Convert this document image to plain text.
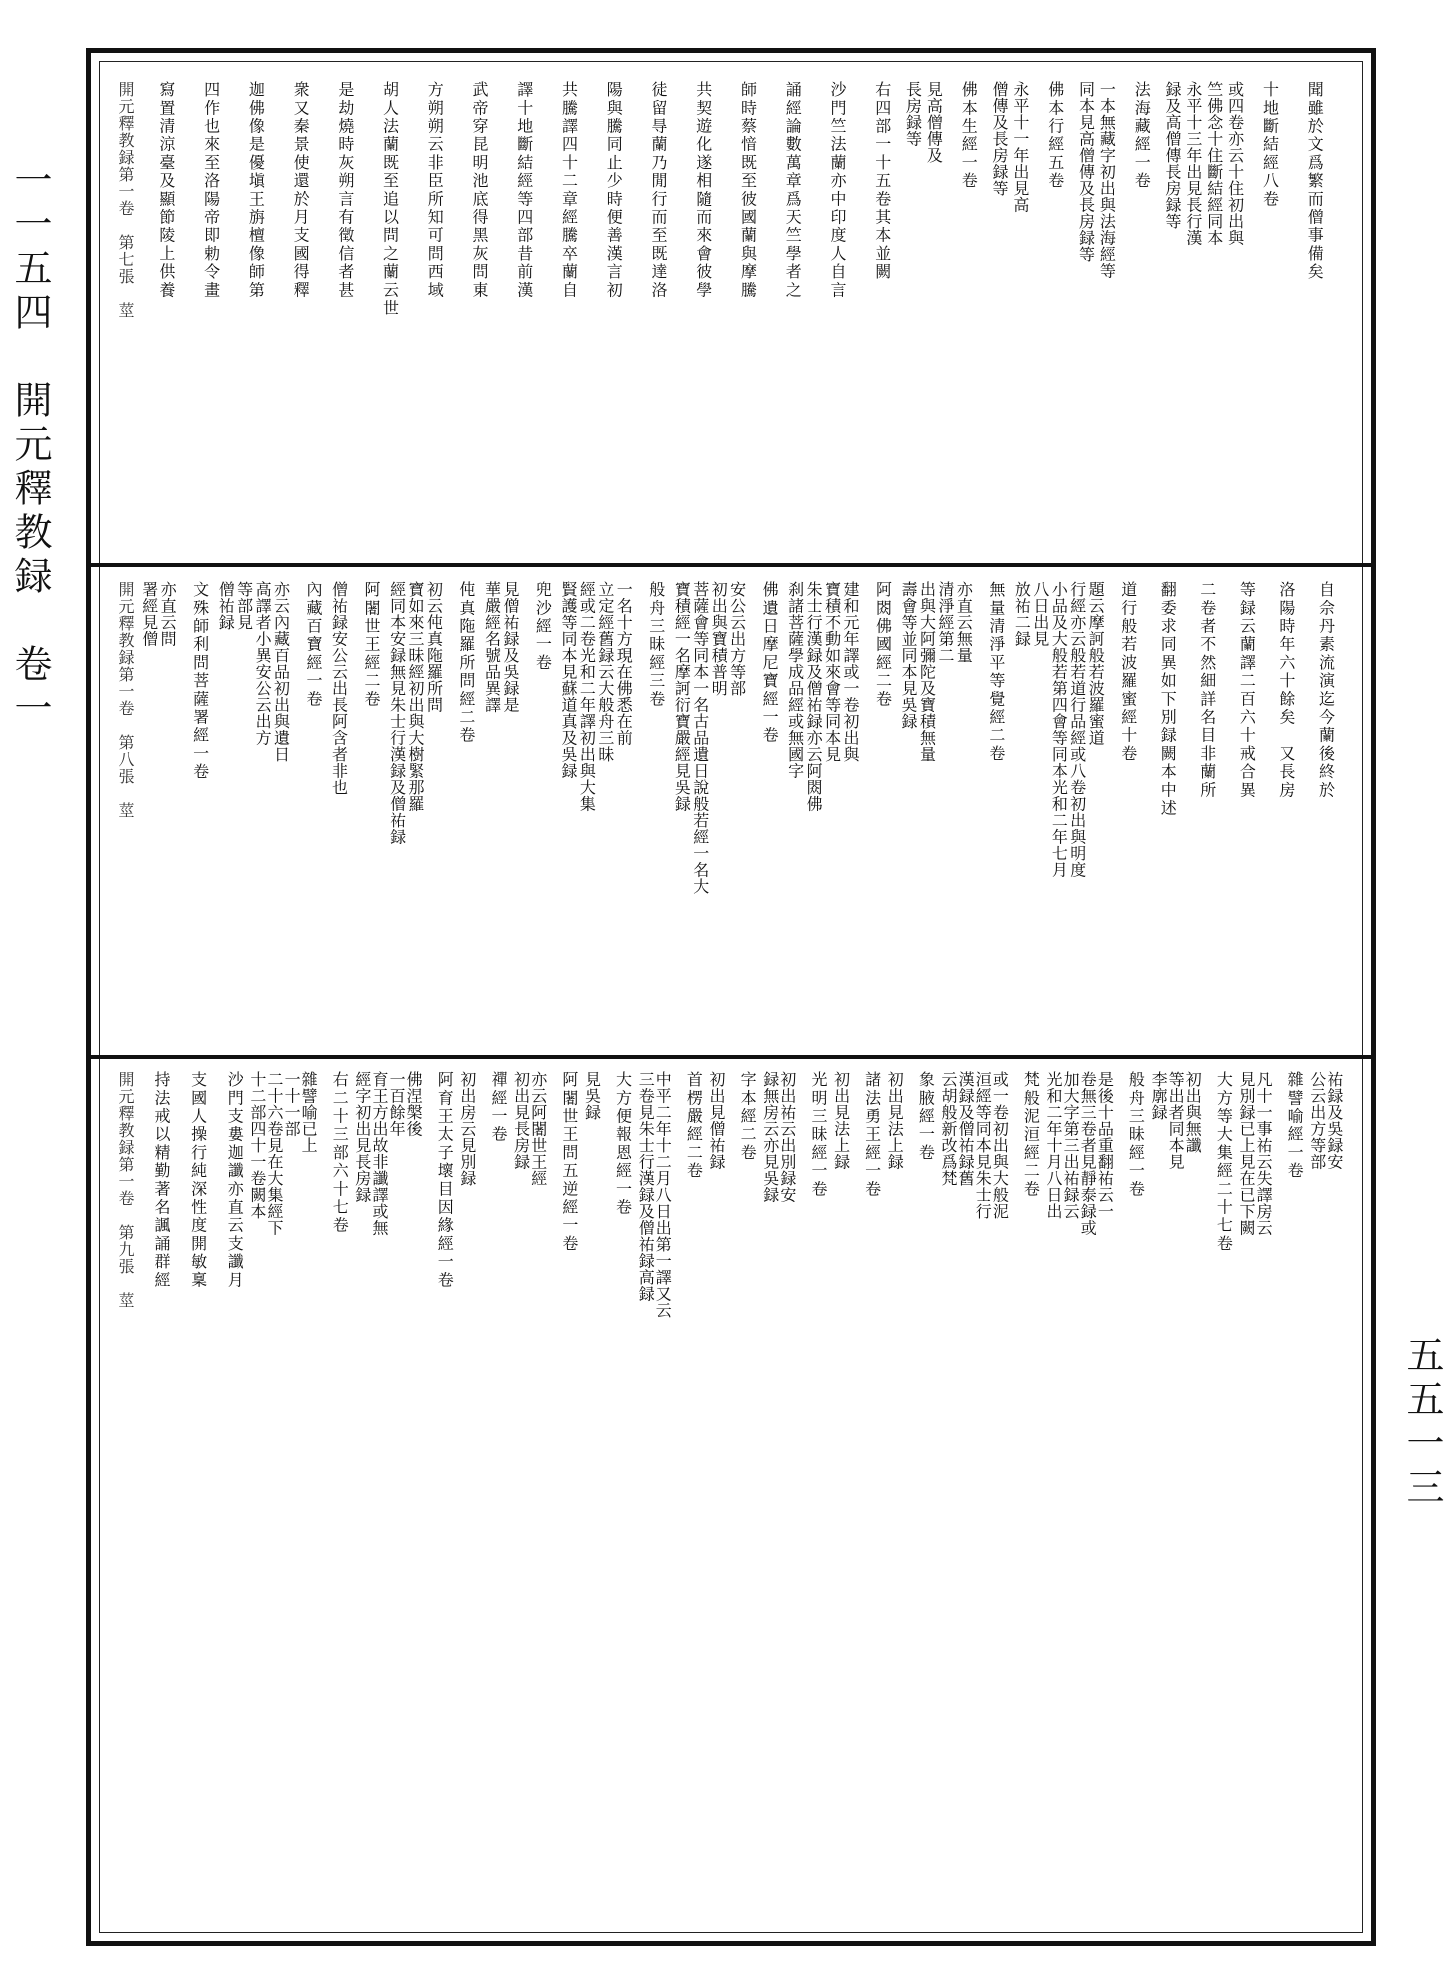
一一五四　開元釋教録　卷一
五五一三
聞雖於文爲繁而僧事備矣
十地斷結經八卷
或四卷亦云十住初出與
竺佛念十住斷結經同本
永平十三年出見長行漢
録及高僧傳長房録等
法海藏經一卷
一本無藏字初出與法海經等
同本見高僧傳及長房録等
佛本行經五卷
永平十一年出見高
僧傳及長房録等
佛本生經一卷
見高僧傳及
長房録等
右四部一十五卷其本並闕
沙門竺法蘭亦中印度人自言
誦經論數萬章爲天竺學者之
師時蔡愔既至彼國蘭與摩騰
共契遊化遂相隨而來會彼學
徒留㝵蘭乃閒行而至既達洛
陽與騰同止少時便善漢言初
共騰譯四十二章經騰卒蘭自
譯十地斷結經等四部昔前漢
武帝穿昆明池底得黑灰問東
方朔朔云非臣所知可問西域
胡人法蘭既至追以問之蘭云世
是劫燒時灰朔言有徵信者甚
衆又秦景使還於月支國得釋
迦佛像是優塡王旃檀像師第
四作也來至洛陽帝即勅令畫
寫置清涼臺及顯節陵上供養
開元釋教録第一卷　第七張　莖
自佘丹素流演迄今蘭後終於
洛陽時年六十餘矣　又長房
等録云蘭譯二百六十戒合異
二卷者不然細詳名目非蘭所
翻委求同異如下別録闕本中述
道行般若波羅蜜經十卷
題云摩訶般若波羅蜜道
行經亦云般若道行品經或八卷初出與明度
小品及大般若第四會等同本光和二年七月
八日出見
放祐二録
無量清淨平等覺經二卷
亦直云無量
清淨經第二
出與大阿彌陀及寶積無量
壽會等並同本見吳録
阿閦佛國經二卷
建和元年譯或一卷初出與
寶積不動如來會等同本見
朱士行漢録及僧祐録亦云阿閦佛
刹諸菩薩學成品經或無國字
佛遺日摩尼寶經一卷
安公云出方等部
初出與寶積普明
菩薩會等同本一名古品遺日說般若經一名大
寶積經一名摩訶衍寶嚴經見吳録
般舟三昧經三卷
一名十方現在佛悉在前
立定經舊録云大般舟三昧
經或二卷光和二年譯初出與大集
賢護等同本見蘇道真及吳録
兜沙經一卷
見僧祐録及吳録是
華嚴經名號品異譯
伅真陁羅所問經二卷
初云伅真陁羅所問
寶如來三昧經初出與大樹緊那羅
經同本安録無見朱士行漢録及僧祐録
阿闍世王經二卷
僧祐録安公云出長阿含者非也
內藏百寶經一卷
亦云內藏百品初出與遺日
高譯者小異安公云出方
等部見
僧祐録
文殊師利問菩薩署經一卷
亦直云問
署經見僧
開元釋教録第一卷　第八張　莖
祐録及吳録安
公云出方等部
雜譬喻經一卷
凡十一事祐云失譯房云
見別録已上見在已下闕
大方等大集經二十七卷
初出與無讖
等出者同本見
李廓録
般舟三昧經一卷
是後十品重翻祐云一
卷無三卷者見靜泰録或
加大字第三出祐録云
光和二年十月八日出
梵般泥洹經二卷
或一卷初出與大般泥
洹經等同本見朱士行
漢録及僧祐録舊
云胡般新改爲梵
象腋經一卷
初出見法上録
諸法勇王經一卷
初出見法上録
光明三昧經一卷
初出祐云出別録安
録無房云亦見吳録
字本經二卷
初出見僧祐録
首楞嚴經二卷
中平二年十二月八日出第一譯又云
三卷見朱士行漢録及僧祐録高録
大方便報恩經一卷
見吳録
阿闍世王問五逆經一卷
亦云阿闍世王經
初出見長房録
禪經一卷
初出房云見別録
阿育王太子壞目因緣經一卷
佛涅槃後
一百餘年
育王方出故非讖譯或無
經字初出見長房録
右二十三部六十七卷
雜譬喻已上
一十一部
二十六卷見在大集經下
十二部四十一卷闕本
沙門支婁迦讖亦直云支讖月
支國人操行純深性度開敏稟
持法戒以精勤著名諷誦群經
開元釋教録第一卷　第九張　莖
